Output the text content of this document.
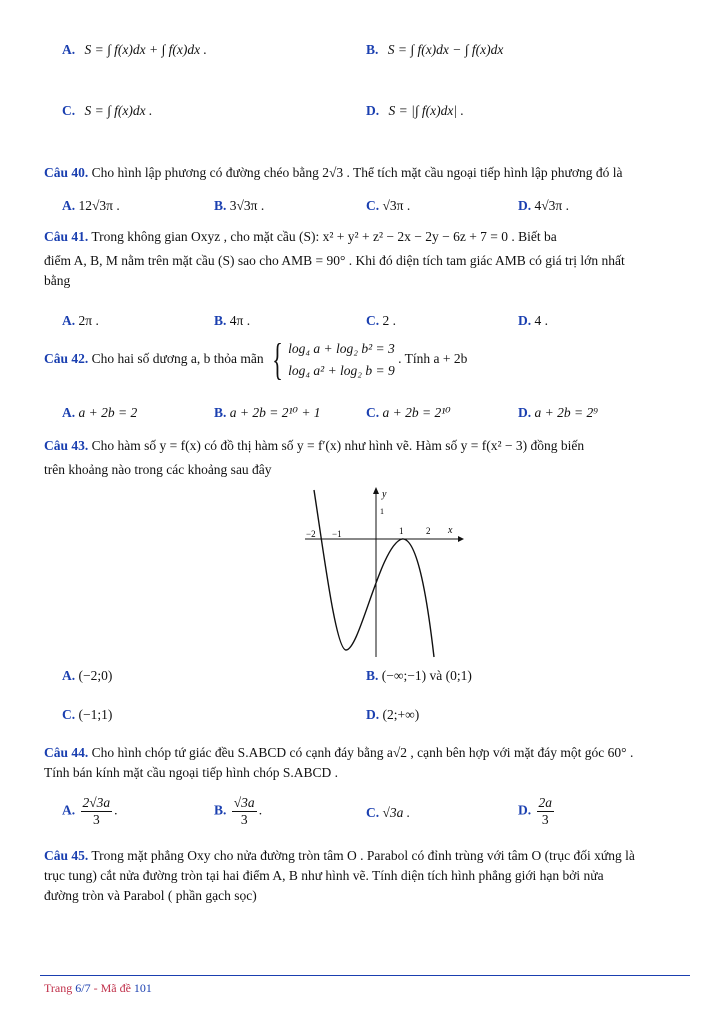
A. S = ∫ f(x)dx + ∫ f(x)dx .	B. S = ∫ f(x)dx − ∫ f(x)dx
C. S = ∫ f(x)dx .	D. S = |∫ f(x)dx| .
Câu 40. Cho hình lập phương có đường chéo bằng 2√3 . Thể tích mặt cầu ngoại tiếp hình lập phương đó là
A. 12√3π .	B. 3√3π .	C. √3π .	D. 4√3π .
Câu 41. Trong không gian Oxyz , cho mặt cầu (S): x² + y² + z² − 2x − 2y − 6z + 7 = 0 . Biết ba
điểm A, B, M nằm trên mặt cầu (S) sao cho AMB = 90° . Khi đó diện tích tam giác AMB có giá trị lớn nhất
bằng
A. 2π .	B. 4π .	C. 2 .	D. 4 .
Câu 42. Cho hai số dương a, b thỏa mãn { log₄ a + log₂ b² = 3
log₄ a² + log₂ b = 9
. Tính a + 2b
A. a + 2b = 2	B. a + 2b = 2¹⁰ + 1	C. a + 2b = 2¹⁰	D. a + 2b = 2⁹
Câu 43. Cho hàm số y = f(x) có đồ thị hàm số y = f′(x) như hình vẽ. Hàm số y = f(x² − 3) đồng biến
trên khoảng nào trong các khoảng sau đây
y
1
x
−2 −1	1	2
A. (−2;0)	B. (−∞;−1) và (0;1)
C. (−1;1)	D. (2;+∞)
Câu 44. Cho hình chóp tứ giác đều S.ABCD có cạnh đáy bằng a√2 , cạnh bên hợp với mặt đáy một góc 60° .
Tính bán kính mặt cầu ngoại tiếp hình chóp S.ABCD .
A. $\frac{2√3a}{3}$ .	B. $\frac{√3a}{3}$ .	C. √3a .	D. $\frac{2a}{3}$
Câu 45. Trong mặt phẳng Oxy cho nửa đường tròn tâm O . Parabol có đỉnh trùng với tâm O (trục đối xứng là
trục tung) cắt nửa đường tròn tại hai điểm A, B như hình vẽ. Tính diện tích hình phẳng giới hạn bởi nửa
đường tròn và Parabol ( phần gạch sọc)
Trang 6/7 - Mã đề 101
